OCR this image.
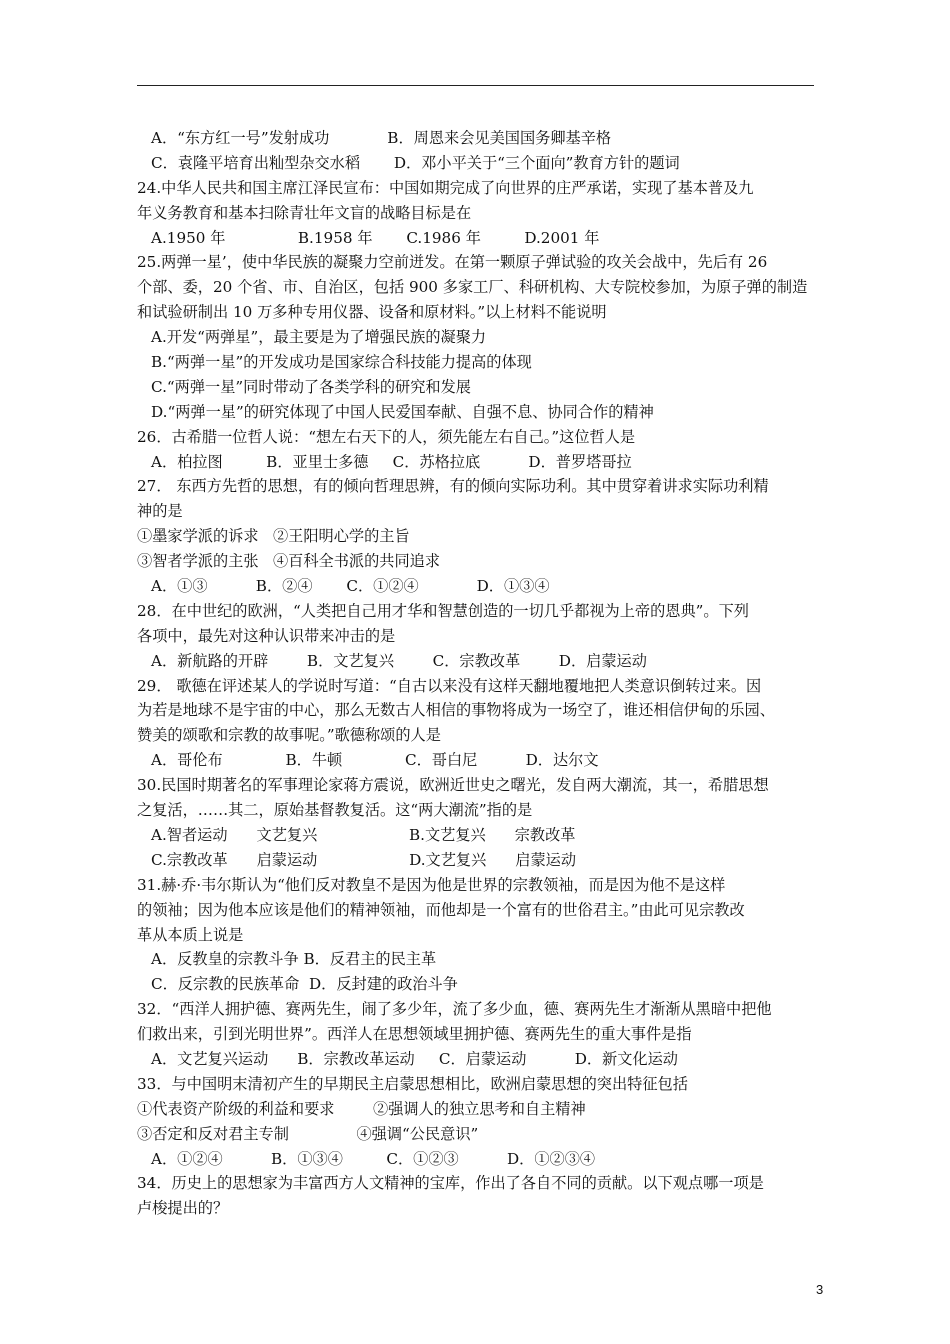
A．“东方红一号”发射成功            B．周恩来会见美国国务卿基辛格
C．袁隆平培育出籼型杂交水稻       D．邓小平关于“三个面向”教育方针的题词
24.中华人民共和国主席江泽民宣布：中国如期完成了向世界的庄严承诺，实现了基本普及九
年义务教育和基本扫除青壮年文盲的战略目标是在
A.1950 年               B.1958 年       C.1986 年         D.2001 年
25.两弹一星’，使中华民族的凝聚力空前迸发。在第一颗原子弹试验的攻关会战中，先后有 26
个部、委，20 个省、市、自治区，包括 900 多家工厂、科研机构、大专院校参加，为原子弹的制造
和试验研制出 10 万多种专用仪器、设备和原材料。”以上材料不能说明
A.开发“两弹星”，最主要是为了增强民族的凝聚力
B.“两弹一星”的开发成功是国家综合科技能力提高的体现
C.“两弹一星”同时带动了各类学科的研究和发展
D.“两弹一星”的研究体现了中国人民爱国奉献、自强不息、协同合作的精神
26．古希腊一位哲人说：“想左右天下的人，须先能左右自己。”这位哲人是
A．柏拉图         B．亚里士多德     C．苏格拉底          D．普罗塔哥拉
27． 东西方先哲的思想，有的倾向哲理思辨，有的倾向实际功利。其中贯穿着讲求实际功利精
神的是
①墨家学派的诉求   ②王阳明心学的主旨
③智者学派的主张   ④百科全书派的共同追求
A．①③          B．②④       C．①②④            D．①③④
28．在中世纪的欧洲，“人类把自己用才华和智慧创造的一切几乎都视为上帝的恩典”。下列
各项中，最先对这种认识带来冲击的是
A．新航路的开辟        B．文艺复兴        C．宗教改革        D．启蒙运动
29． 歌德在评述某人的学说时写道：“自古以来没有这样天翻地覆地把人类意识倒转过来。因
为若是地球不是宇宙的中心，那么无数古人相信的事物将成为一场空了，谁还相信伊甸的乐园、
赞美的颂歌和宗教的故事呢。”歌德称颂的人是
A．哥伦布             B．牛顿             C．哥白尼          D．达尔文
30.民国时期著名的军事理论家蒋方震说，欧洲近世史之曙光，发自两大潮流，其一，希腊思想
之复活，……其二，原始基督教复活。这“两大潮流”指的是
A.智者运动      文艺复兴                   B.文艺复兴      宗教改革
C.宗教改革      启蒙运动                   D.文艺复兴      启蒙运动
31.赫·乔·韦尔斯认为“他们反对教皇不是因为他是世界的宗教领袖，而是因为他不是这样
的领袖；因为他本应该是他们的精神领袖，而他却是一个富有的世俗君主。”由此可见宗教改
革从本质上说是
A．反教皇的宗教斗争 B．反君主的民主革
C．反宗教的民族革命  D．反封建的政治斗争
32．“西洋人拥护德、赛两先生，闹了多少年，流了多少血，德、赛两先生才渐渐从黑暗中把他
们救出来，引到光明世界”。西洋人在思想领域里拥护德、赛两先生的重大事件是指
A．文艺复兴运动      B．宗教改革运动     C．启蒙运动          D．新文化运动
33．与中国明末清初产生的早期民主启蒙思想相比，欧洲启蒙思想的突出特征包括
①代表资产阶级的利益和要求        ②强调人的独立思考和自主精神
③否定和反对君主专制              ④强调“公民意识”
A．①②④          B．①③④         C．①②③          D．①②③④
34．历史上的思想家为丰富西方人文精神的宝库，作出了各自不同的贡献。以下观点哪一项是
卢梭提出的？
3
